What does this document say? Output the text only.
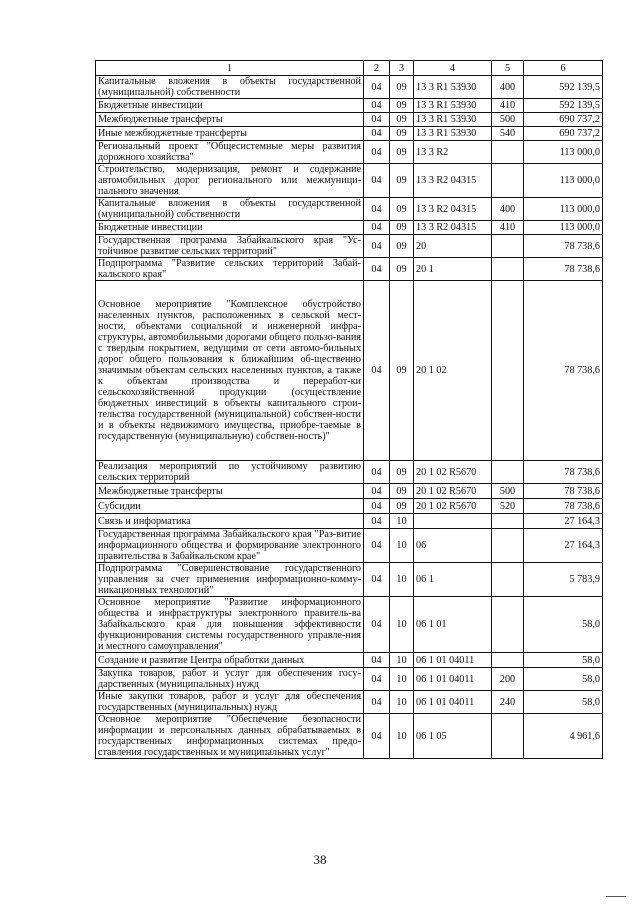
1	2	3	4	5	6
Капитальные вложения в объекты государственной (муниципальной) собственности	04	09	13 3 R1 53930	400	592 139,5
Бюджетные инвестиции	04	09	13 3 R1 53930	410	592 139,5
Межбюджетные трансферты	04	09	13 3 R1 53930	500	690 737,2
Иные межбюджетные трансферты	04	09	13 3 R1 53930	540	690 737,2
Региональный проект "Общесистемные меры развития дорожного хозяйства"	04	09	13 3 R2		113 000,0
Строительство, модернизация, ремонт и содержание автомобильных дорог регионального или межмуници-пального значения	04	09	13 3 R2 04315		113 000,0
Капитальные вложения в объекты государственной (муниципальной) собственности	04	09	13 3 R2 04315	400	113 000,0
Бюджетные инвестиции	04	09	13 3 R2 04315	410	113 000,0
Государственная программа Забайкальского края "Ус-тойчивое развитие сельских территорий"	04	09	20		78 738,6
Подпрограмма "Развитие сельских территорий Забай-кальского края"	04	09	20 1		78 738,6
Основное мероприятие "Комплексное обустройство населенных пунктов, расположенных в сельской мест-ности, объектами социальной и инженерной инфра-структуры, автомобильными дорогами общего пользо-вания с твердым покрытием, ведущими от сети автомо-бильных дорог общего пользования к ближайшим об-щественно значимым объектам сельских населенных пунктов, а также к объектам производства и переработ-ки сельскохозяйственной продукции (осуществление бюджетных инвестиций в объекты капитального строи-тельства государственной (муниципальной) собствен-ности и в объекты недвижимого имущества, приобре-таемые в государственную (муниципальную) собствен-ность)"	04	09	20 1 02		78 738,6
Реализация мероприятий по устойчивому развитию сельских территорий	04	09	20 1 02 R5670		78 738,6
Межбюджетные трансферты	04	09	20 1 02 R5670	500	78 738,6
Субсидии	04	09	20 1 02 R5670	520	78 738,6
Связь и информатика	04	10			27 164,3
Государственная программа Забайкальского края "Раз-витие информационного общества и формирование электронного правительства в Забайкальском крае"	04	10	06		27 164,3
Подпрограмма "Совершенствование государственного управления за счет применения информационно-комму-никационных технологий"	04	10	06 1		5 783,9
Основное мероприятие "Развитие информационного общества и инфраструктуры электронного правитель-ва Забайкальского края для повышения эффективности функционирования системы государственного управле-ния и местного самоуправления"	04	10	06 1 01		58,0
Создание и развитие Центра обработки данных	04	10	06 1 01 04011		58,0
Закупка товаров, работ и услуг для обеспечения госу-дарственных (муниципальных) нужд	04	10	06 1 01 04011	200	58,0
Иные закупки товаров, работ и услуг для обеспечения государственных (муниципальных) нужд	04	10	06 1 01 04011	240	58,0
Основное мероприятие "Обеспечение безопасности информации и персональных данных обрабатываемых в государственных информационных системах предо-ставления государственных и муниципальных услуг"	04	10	06 1 05		4 961,6
38
